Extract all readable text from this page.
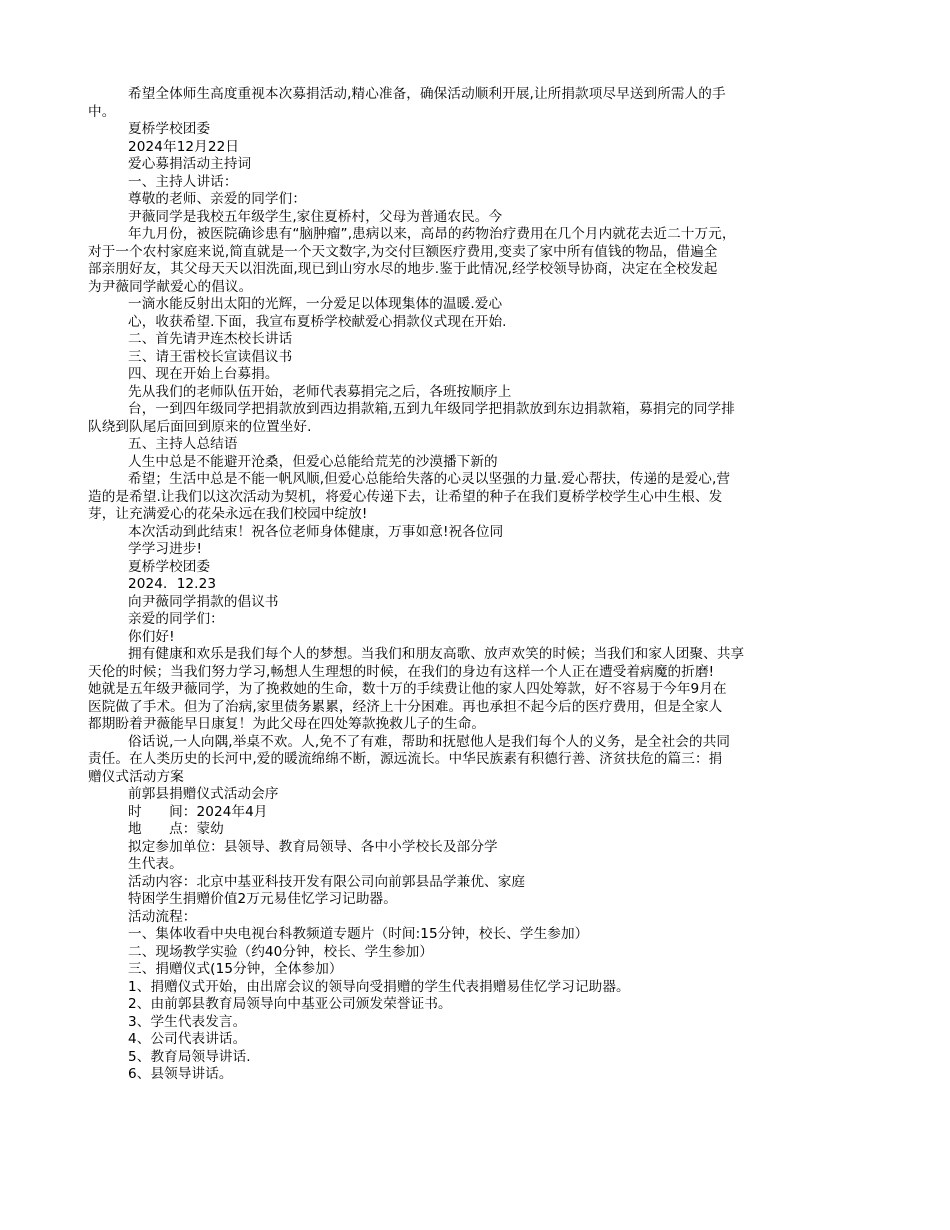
希望全体师生高度重视本次募捐活动,精心准备，确保活动顺利开展,让所捐款项尽早送到所需人的手
中。
夏桥学校团委
2024年12月22日
爱心募捐活动主持词
一、主持人讲话：
尊敬的老师、亲爱的同学们：
尹薇同学是我校五年级学生,家住夏桥村，父母为普通农民。今
年九月份，被医院确诊患有“脑肿瘤”,患病以来，高昂的药物治疗费用在几个月内就花去近二十万元，
对于一个农村家庭来说,简直就是一个天文数字,为交付巨额医疗费用,变卖了家中所有值钱的物品，借遍全
部亲朋好友，其父母天天以泪洗面,现已到山穷水尽的地步.鉴于此情况,经学校领导协商，决定在全校发起
为尹薇同学献爱心的倡议。
一滴水能反射出太阳的光辉，一分爱足以体现集体的温暖.爱心
心，收获希望.下面，我宣布夏桥学校献爱心捐款仪式现在开始.
二、首先请尹连杰校长讲话
三、请王雷校长宣读倡议书
四、现在开始上台募捐。
先从我们的老师队伍开始，老师代表募捐完之后，各班按顺序上
台，一到四年级同学把捐款放到西边捐款箱,五到九年级同学把捐款放到东边捐款箱，募捐完的同学排
队绕到队尾后面回到原来的位置坐好.
五、主持人总结语
人生中总是不能避开沧桑，但爱心总能给荒芜的沙漠播下新的
希望；生活中总是不能一帆风顺,但爱心总能给失落的心灵以坚强的力量.爱心帮扶，传递的是爱心,营
造的是希望.让我们以这次活动为契机，将爱心传递下去，让希望的种子在我们夏桥学校学生心中生根、发
芽，让充满爱心的花朵永远在我们校园中绽放!
本次活动到此结束！祝各位老师身体健康，万事如意!祝各位同
学学习进步!
夏桥学校团委
2024．12.23
向尹薇同学捐款的倡议书
亲爱的同学们：
你们好!
拥有健康和欢乐是我们每个人的梦想。当我们和朋友高歌、放声欢笑的时候；当我们和家人团聚、共享
天伦的时候；当我们努力学习,畅想人生理想的时候，在我们的身边有这样一个人正在遭受着病魔的折磨!
她就是五年级尹薇同学，为了挽救她的生命，数十万的手续费让他的家人四处筹款，好不容易于今年9月在
医院做了手术。但为了治病,家里债务累累，经济上十分困难。再也承担不起今后的医疗费用，但是全家人
都期盼着尹薇能早日康复！为此父母在四处筹款挽救儿子的生命。
俗话说,一人向隅,举桌不欢。人,免不了有难，帮助和抚慰他人是我们每个人的义务，是全社会的共同
责任。在人类历史的长河中,爱的暖流绵绵不断，源远流长。中华民族素有积德行善、济贫扶危的篇三：捐
赠仪式活动方案
前郭县捐赠仪式活动会序
时　　间：2024年4月
地　　点：蒙幼
拟定参加单位：县领导、教育局领导、各中小学校长及部分学
生代表。
活动内容：北京中基亚科技开发有限公司向前郭县品学兼优、家庭
特困学生捐赠价值2万元易佳忆学习记助器。
活动流程：
一、集体收看中央电视台科教频道专题片（时间:15分钟，校长、学生参加）
二、现场教学实验（约40分钟，校长、学生参加）
三、捐赠仪式(15分钟，全体参加）
1、捐赠仪式开始，由出席会议的领导向受捐赠的学生代表捐赠易佳忆学习记助器。
2、由前郭县教育局领导向中基亚公司颁发荣誉证书。
3、学生代表发言。
4、公司代表讲话。
5、教育局领导讲话.
6、县领导讲话。
